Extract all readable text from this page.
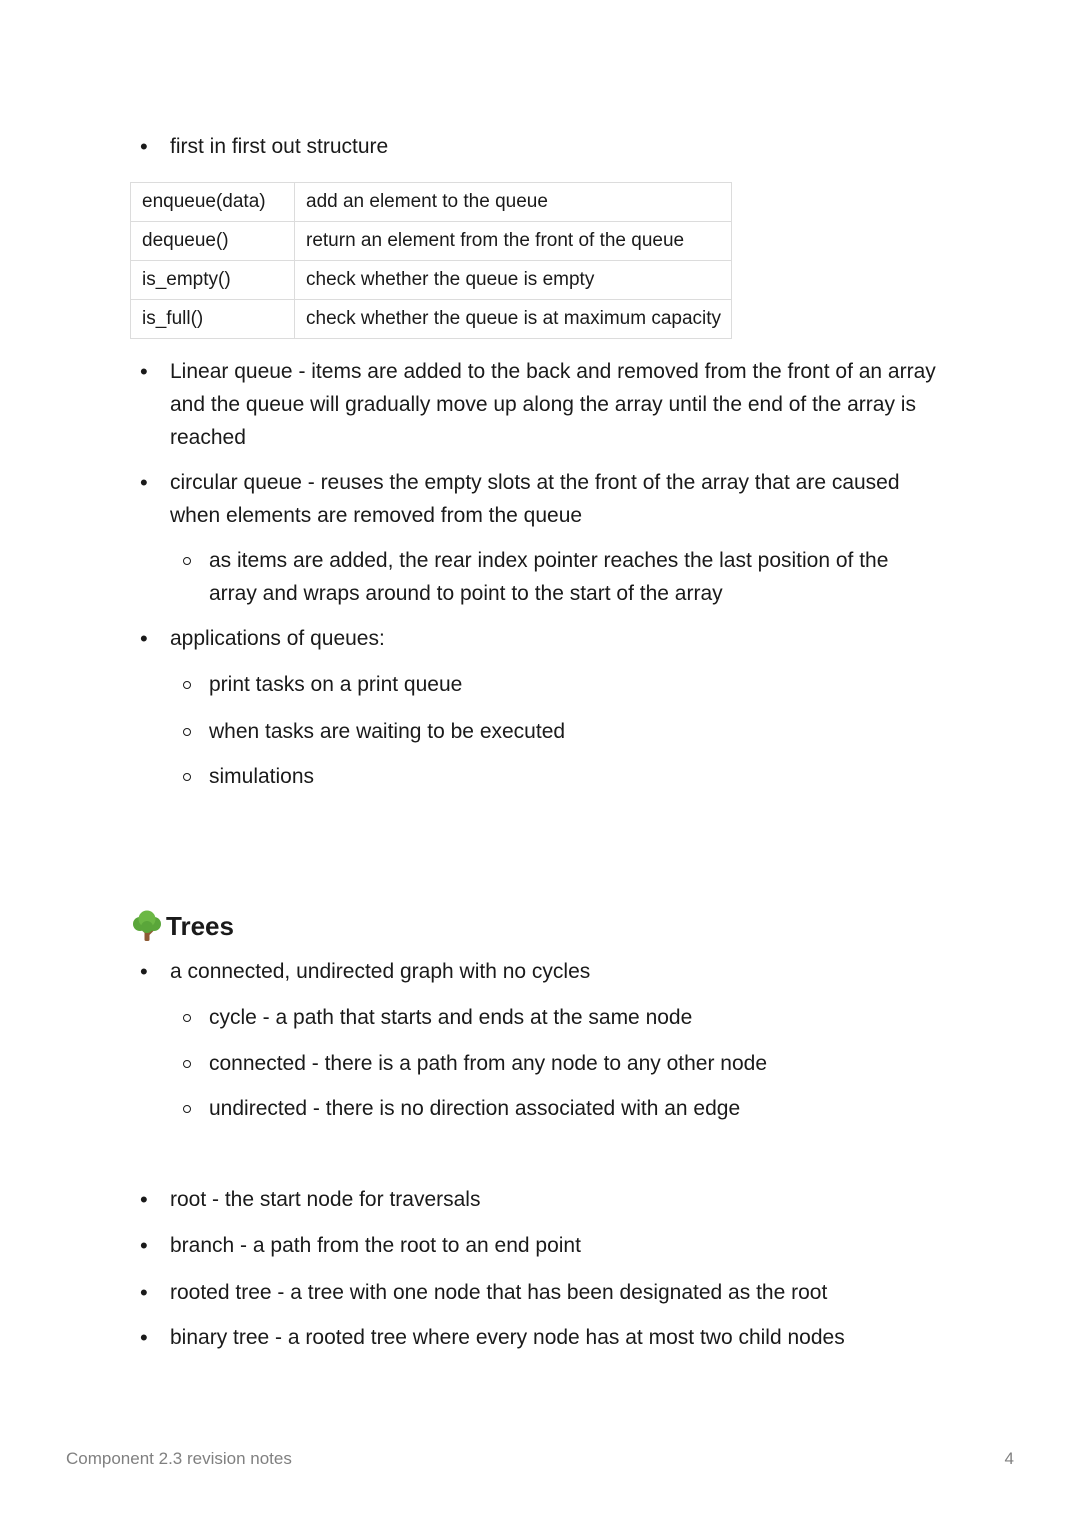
• first in first out structure
enqueue(data)	add an element to the queue
dequeue()	return an element from the front of the queue
is_empty()	check whether the queue is empty
is_full()	check whether the queue is at maximum capacity
• Linear queue - items are added to the back and removed from the front of an array and the queue will gradually move up along the array until the end of the array is reached
• circular queue - reuses the empty slots at the front of the array that are caused when elements are removed from the queue
as items are added, the rear index pointer reaches the last position of the array and wraps around to point to the start of the array
• applications of queues:
print tasks on a print queue
when tasks are waiting to be executed
simulations
Trees
• a connected, undirected graph with no cycles
cycle - a path that starts and ends at the same node
connected - there is a path from any node to any other node
undirected - there is no direction associated with an edge
• root - the start node for traversals
• branch - a path from the root to an end point
• rooted tree - a tree with one node that has been designated as the root
• binary tree - a rooted tree where every node has at most two child nodes
Component 2.3 revision notes	4
